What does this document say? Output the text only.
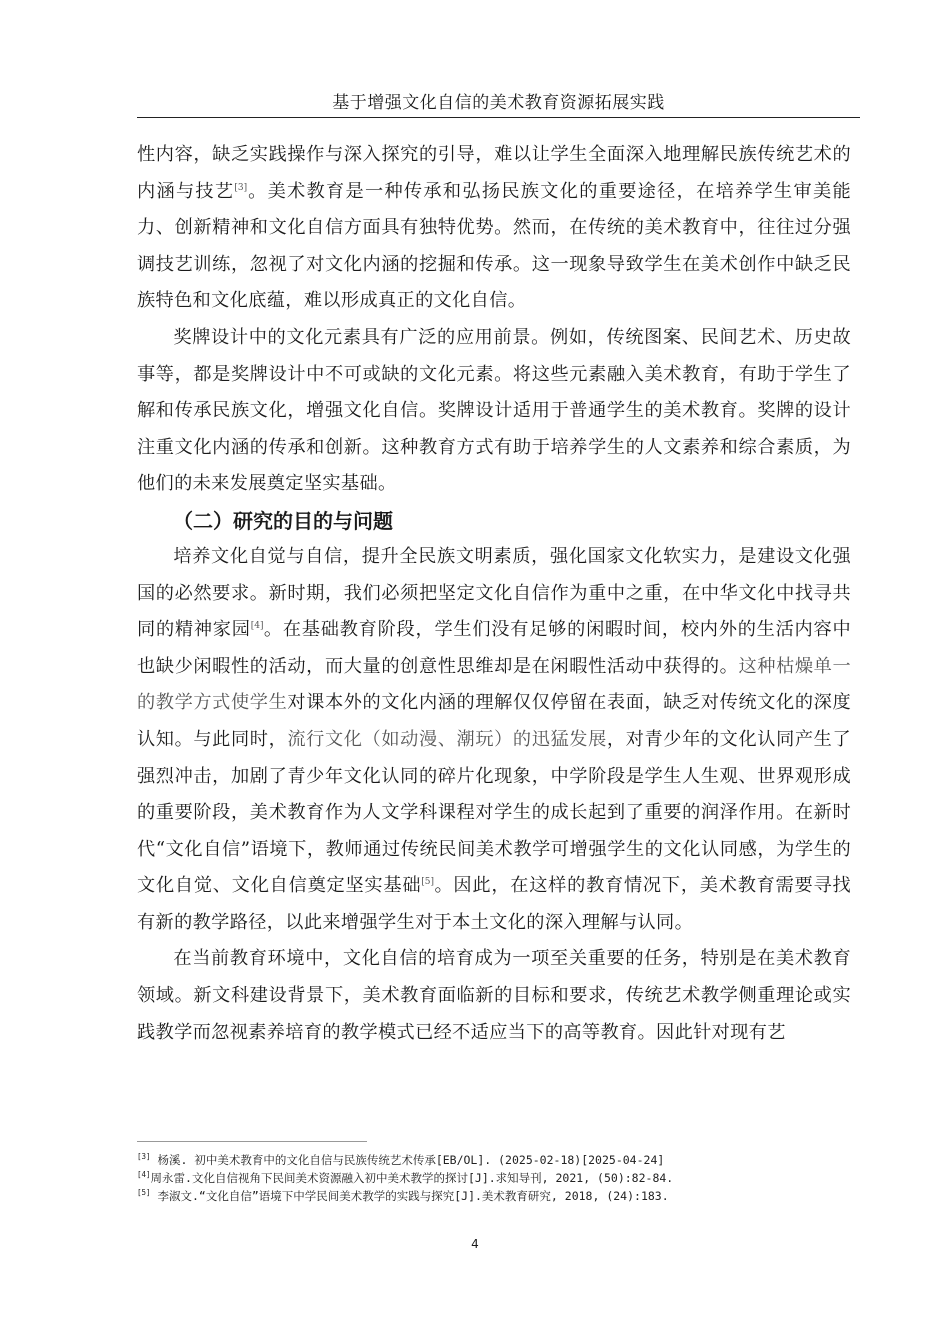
基于增强文化自信的美术教育资源拓展实践

性内容，缺乏实践操作与深入探究的引导，难以让学生全面深入地理解民族传统艺术的内涵与技艺[3]。美术教育是一种传承和弘扬民族文化的重要途径，在培养学生审美能力、创新精神和文化自信方面具有独特优势。然而，在传统的美术教育中，往往过分强调技艺训练，忽视了对文化内涵的挖掘和传承。这一现象导致学生在美术创作中缺乏民族特色和文化底蕴，难以形成真正的文化自信。

奖牌设计中的文化元素具有广泛的应用前景。例如，传统图案、民间艺术、历史故事等，都是奖牌设计中不可或缺的文化元素。将这些元素融入美术教育，有助于学生了解和传承民族文化，增强文化自信。奖牌设计适用于普通学生的美术教育。奖牌的设计注重文化内涵的传承和创新。这种教育方式有助于培养学生的人文素养和综合素质，为他们的未来发展奠定坚实基础。

（二）研究的目的与问题

培养文化自觉与自信，提升全民族文明素质，强化国家文化软实力，是建设文化强国的必然要求。新时期，我们必须把坚定文化自信作为重中之重，在中华文化中找寻共同的精神家园[4]。在基础教育阶段，学生们没有足够的闲暇时间，校内外的生活内容中也缺少闲暇性的活动，而大量的创意性思维却是在闲暇性活动中获得的。这种枯燥单一的教学方式使学生对课本外的文化内涵的理解仅仅停留在表面，缺乏对传统文化的深度认知。与此同时，流行文化（如动漫、潮玩）的迅猛发展，对青少年的文化认同产生了强烈冲击，加剧了青少年文化认同的碎片化现象，中学阶段是学生人生观、世界观形成的重要阶段，美术教育作为人文学科课程对学生的成长起到了重要的润泽作用。在新时代“文化自信”语境下，教师通过传统民间美术教学可增强学生的文化认同感，为学生的文化自觉、文化自信奠定坚实基础[5]。因此，在这样的教育情况下，美术教育需要寻找有新的教学路径，以此来增强学生对于本土文化的深入理解与认同。

在当前教育环境中，文化自信的培育成为一项至关重要的任务，特别是在美术教育领域。新文科建设背景下，美术教育面临新的目标和要求，传统艺术教学侧重理论或实践教学而忽视素养培育的教学模式已经不适应当下的高等教育。因此针对现有艺

[3] 杨溪. 初中美术教育中的文化自信与民族传统艺术传承[EB/OL]. (2025-02-18)[2025-04-24]

[4]周永雷.文化自信视角下民间美术资源融入初中美术教学的探讨[J].求知导刊, 2021, (50):82-84.

[5] 李淑文.“文化自信”语境下中学民间美术教学的实践与探究[J].美术教育研究, 2018, (24):183.

4
